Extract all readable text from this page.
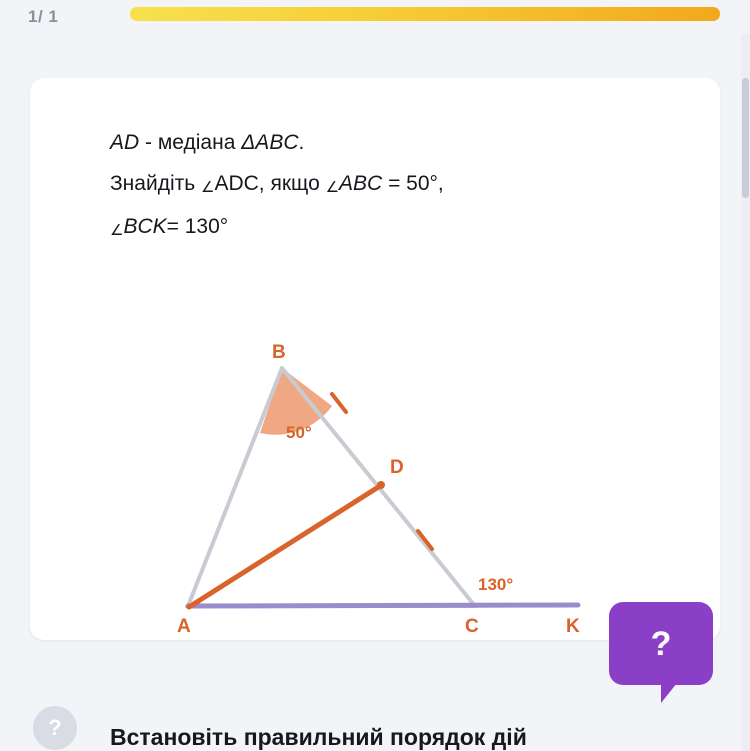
1/ 1
AD - медіана ΔABC.
Знайдіть ∠ADC, якщо ∠ABC = 50°,
∠BCK= 130°
B
A	C	K
D
50°
130°
?	Встановіть правильний порядок дій
?
